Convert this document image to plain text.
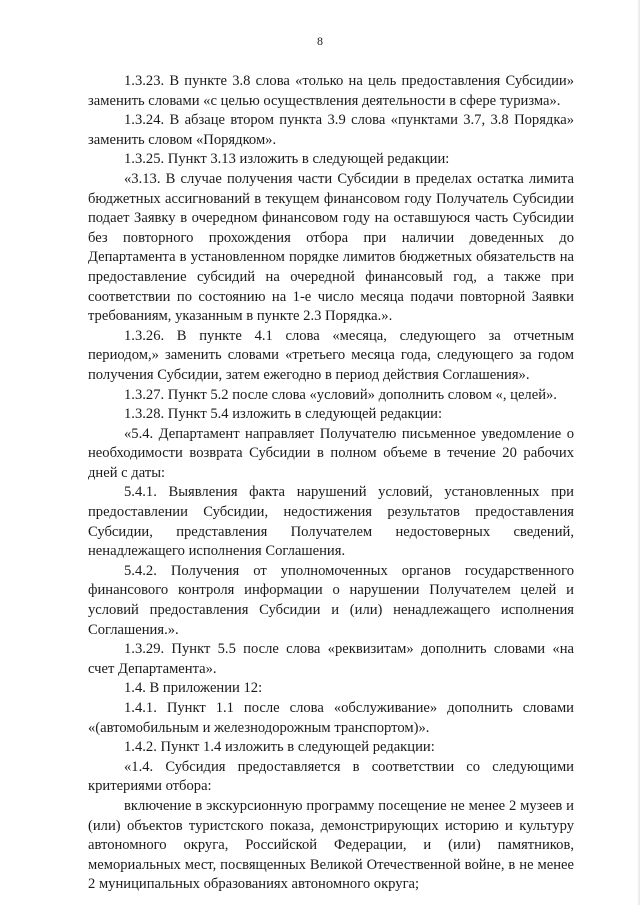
8

1.3.23. В пункте 3.8 слова «только на цель предоставления Субсидии» заменить словами «с целью осуществления деятельности в сфере туризма».

1.3.24. В абзаце втором пункта 3.9 слова «пунктами 3.7, 3.8 Порядка» заменить словом «Порядком».

1.3.25. Пункт 3.13 изложить в следующей редакции:

«3.13. В случае получения части Субсидии в пределах остатка лимита бюджетных ассигнований в текущем финансовом году Получатель Субсидии подает Заявку в очередном финансовом году на оставшуюся часть Субсидии без повторного прохождения отбора при наличии доведенных до Департамента в установленном порядке лимитов бюджетных обязательств на предоставление субсидий на очередной финансовый год, а также при соответствии по состоянию на 1-е число месяца подачи повторной Заявки требованиям, указанным в пункте 2.3 Порядка.».

1.3.26. В пункте 4.1 слова «месяца, следующего за отчетным периодом,» заменить словами «третьего месяца года, следующего за годом получения Субсидии, затем ежегодно в период действия Соглашения».

1.3.27. Пункт 5.2 после слова «условий» дополнить словом «, целей».

1.3.28. Пункт 5.4 изложить в следующей редакции:

«5.4. Департамент направляет Получателю письменное уведомление о необходимости возврата Субсидии в полном объеме в течение 20 рабочих дней с даты:

5.4.1. Выявления факта нарушений условий, установленных при предоставлении Субсидии, недостижения результатов предоставления Субсидии, представления Получателем недостоверных сведений, ненадлежащего исполнения Соглашения.

5.4.2. Получения от уполномоченных органов государственного финансового контроля информации о нарушении Получателем целей и условий предоставления Субсидии и (или) ненадлежащего исполнения Соглашения.».

1.3.29. Пункт 5.5 после слова «реквизитам» дополнить словами «на счет Департамента».

1.4. В приложении 12:

1.4.1. Пункт 1.1 после слова «обслуживание» дополнить словами «(автомобильным и железнодорожным транспортом)».

1.4.2. Пункт 1.4 изложить в следующей редакции:

«1.4. Субсидия предоставляется в соответствии со следующими критериями отбора:

включение в экскурсионную программу посещение не менее 2 музеев и (или) объектов туристского показа, демонстрирующих историю и культуру автономного округа, Российской Федерации, и (или) памятников, мемориальных мест, посвященных Великой Отечественной войне, в не менее 2 муниципальных образованиях автономного округа;
